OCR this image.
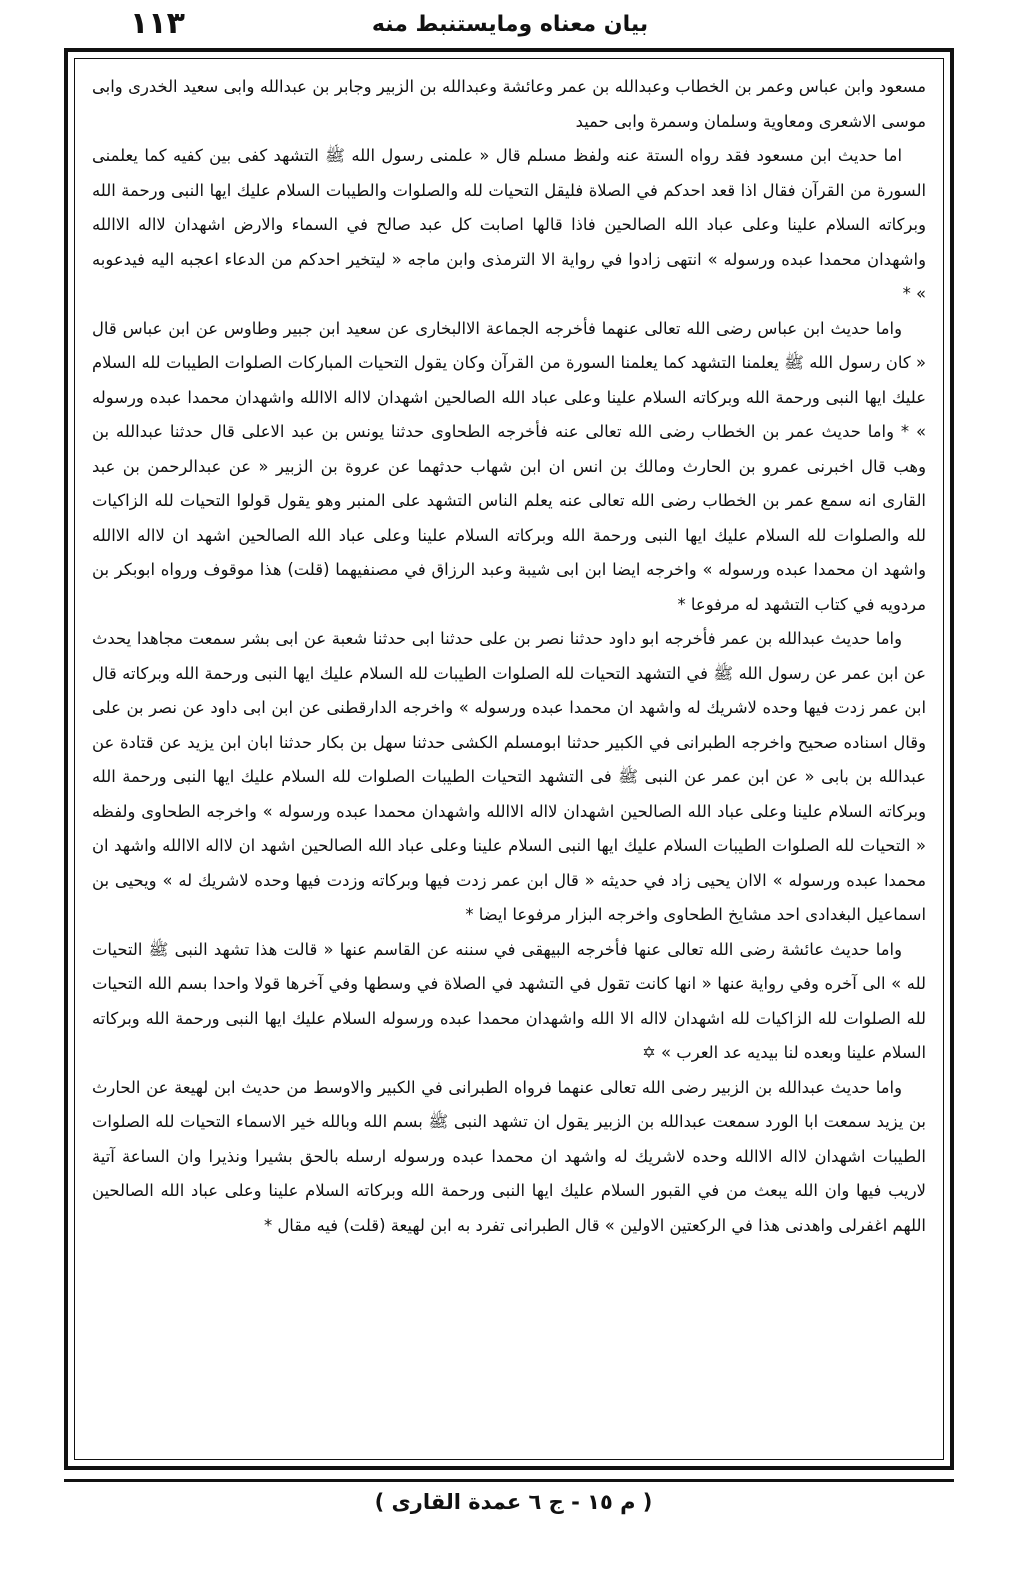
۱۱۳	بيان معناه ومايستنبط منه

مسعود وابن عباس وعمر بن الخطاب وعبدالله بن عمر وعائشة وعبدالله بن الزبير وجابر بن عبدالله وابى سعيد الخدرى وابى موسى الاشعرى ومعاوية وسلمان وسمرة وابى حميد

اما حديث ابن مسعود فقد رواه الستة عنه ولفظ مسلم قال « علمنى رسول الله ﷺ التشهد كفى بين كفيه كما يعلمنى السورة من القرآن فقال اذا قعد احدكم في الصلاة فليقل التحيات لله والصلوات والطيبات السلام عليك ايها النبى ورحمة الله وبركاته السلام علينا وعلى عباد الله الصالحين فاذا قالها اصابت كل عبد صالح في السماء والارض اشهدان لااله الاالله واشهدان محمدا عبده ورسوله » انتهى زادوا في رواية الا الترمذى وابن ماجه « ليتخير احدكم من الدعاء اعجبه اليه فيدعوبه » *

واما حديث ابن عباس رضى الله تعالى عنهما فأخرجه الجماعة الاالبخارى عن سعيد ابن جبير وطاوس عن ابن عباس قال « كان رسول الله ﷺ يعلمنا التشهد كما يعلمنا السورة من القرآن وكان يقول التحيات المباركات الصلوات الطيبات لله السلام عليك ايها النبى ورحمة الله وبركاته السلام علينا وعلى عباد الله الصالحين اشهدان لااله الاالله واشهدان محمدا عبده ورسوله » * واما حديث عمر بن الخطاب رضى الله تعالى عنه فأخرجه الطحاوى حدثنا يونس بن عبد الاعلى قال حدثنا عبدالله بن وهب قال اخبرنى عمرو بن الحارث ومالك بن انس ان ابن شهاب حدثهما عن عروة بن الزبير « عن عبدالرحمن بن عبد القارى انه سمع عمر بن الخطاب رضى الله تعالى عنه يعلم الناس التشهد على المنبر وهو يقول قولوا التحيات لله الزاكيات لله والصلوات لله السلام عليك ايها النبى ورحمة الله وبركاته السلام علينا وعلى عباد الله الصالحين اشهد ان لااله الاالله واشهد ان محمدا عبده ورسوله » واخرجه ايضا ابن ابى شيبة وعبد الرزاق في مصنفيهما (قلت) هذا موقوف ورواه ابوبكر بن مردويه في كتاب التشهد له مرفوعا *

واما حديث عبدالله بن عمر فأخرجه ابو داود حدثنا نصر بن على حدثنا ابى حدثنا شعبة عن ابى بشر سمعت مجاهدا يحدث عن ابن عمر عن رسول الله ﷺ في التشهد التحيات لله الصلوات الطيبات لله السلام عليك ايها النبى ورحمة الله وبركاته قال ابن عمر زدت فيها وحده لاشريك له واشهد ان محمدا عبده ورسوله » واخرجه الدارقطنى عن ابن ابى داود عن نصر بن على وقال اسناده صحيح واخرجه الطبرانى في الكبير حدثنا ابومسلم الكشى حدثنا سهل بن بكار حدثنا ابان ابن يزيد عن قتادة عن عبدالله بن بابى « عن ابن عمر عن النبى ﷺ فى التشهد التحيات الطيبات الصلوات لله السلام عليك ايها النبى ورحمة الله وبركاته السلام علينا وعلى عباد الله الصالحين اشهدان لااله الاالله واشهدان محمدا عبده ورسوله » واخرجه الطحاوى ولفظه « التحيات لله الصلوات الطيبات السلام عليك ايها النبى السلام علينا وعلى عباد الله الصالحين اشهد ان لااله الاالله واشهد ان محمدا عبده ورسوله » الاان يحيى زاد في حديثه « قال ابن عمر زدت فيها وبركاته وزدت فيها وحده لاشريك له » ويحيى بن اسماعيل البغدادى احد مشايخ الطحاوى واخرجه البزار مرفوعا ايضا *

واما حديث عائشة رضى الله تعالى عنها فأخرجه البيهقى في سننه عن القاسم عنها « قالت هذا تشهد النبى ﷺ التحيات لله » الى آخره وفي رواية عنها « انها كانت تقول في التشهد في الصلاة في وسطها وفي آخرها قولا واحدا بسم الله التحيات لله الصلوات لله الزاكيات لله اشهدان لااله الا الله واشهدان محمدا عبده ورسوله السلام عليك ايها النبى ورحمة الله وبركاته السلام علينا وبعده لنا بيديه عد العرب » ✡

واما حديث عبدالله بن الزبير رضى الله تعالى عنهما فرواه الطبرانى في الكبير والاوسط من حديث ابن لهيعة عن الحارث بن يزيد سمعت ابا الورد سمعت عبدالله بن الزبير يقول ان تشهد النبى ﷺ بسم الله وبالله خير الاسماء التحيات لله الصلوات الطيبات اشهدان لااله الاالله وحده لاشريك له واشهد ان محمدا عبده ورسوله ارسله بالحق بشيرا ونذيرا وان الساعة آتية لاريب فيها وان الله يبعث من في القبور السلام عليك ايها النبى ورحمة الله وبركاته السلام علينا وعلى عباد الله الصالحين اللهم اغفرلى واهدنى هذا في الركعتين الاولين » قال الطبرانى تفرد به ابن لهيعة (قلت) فيه مقال *

( م ١٥ - ج ٦ عمدة القارى )
